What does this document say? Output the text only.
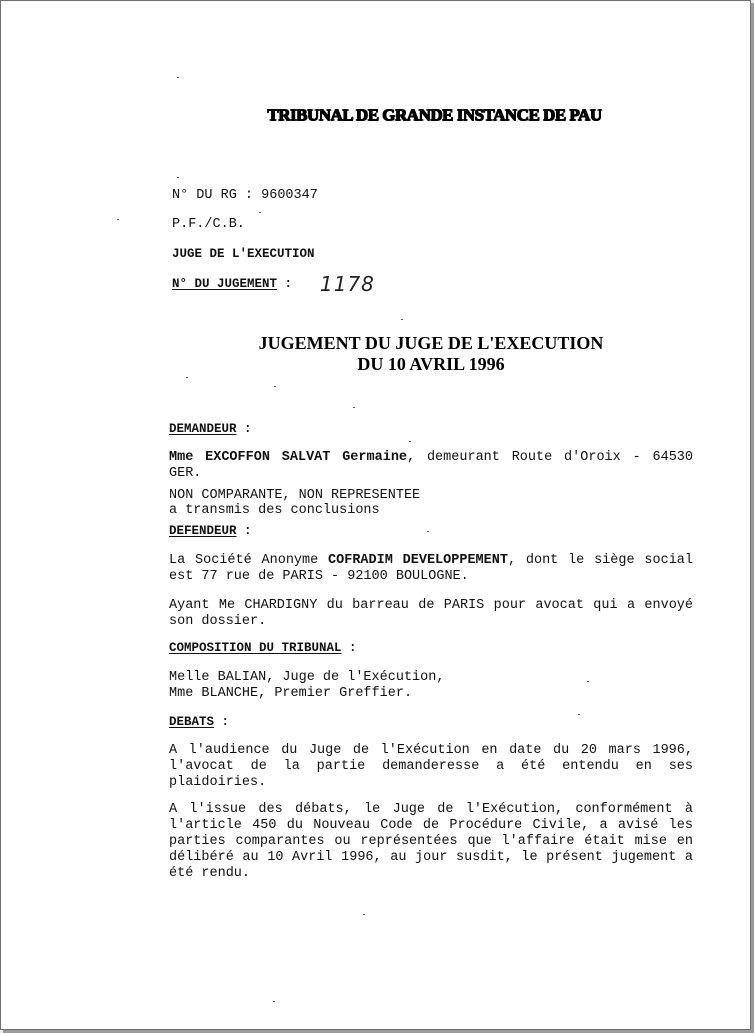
TRIBUNAL DE GRANDE INSTANCE DE PAU
N° DU RG : 9600347
P.F./C.B.
JUGE DE L'EXECUTION
N° DU JUGEMENT : 1178
JUGEMENT DU JUGE DE L'EXECUTION
DU 10 AVRIL 1996
DEMANDEUR :

Mme EXCOFFON SALVAT Germaine, demeurant Route d'Oroix - 64530 GER.

NON COMPARANTE, NON REPRESENTEE
a transmis des conclusions
DEFENDEUR :

La Société Anonyme COFRADIM DEVELOPPEMENT, dont le siège social est 77 rue de PARIS - 92100 BOULOGNE.

Ayant Me CHARDIGNY du barreau de PARIS pour avocat qui a envoyé son dossier.

COMPOSITION DU TRIBUNAL :
Melle BALIAN, Juge de l'Exécution,
Mme BLANCHE, Premier Greffier.
DEBATS :

A l'audience du Juge de l'Exécution en date du 20 mars 1996, l'avocat de la partie demanderesse a été entendu en ses plaidoiries.

A l'issue des débats, le Juge de l'Exécution, conformément à l'article 450 du Nouveau Code de Procédure Civile, a avisé les parties comparantes ou représentées que l'affaire était mise en délibéré au 10 Avril 1996, au jour susdit, le présent jugement a été rendu.
